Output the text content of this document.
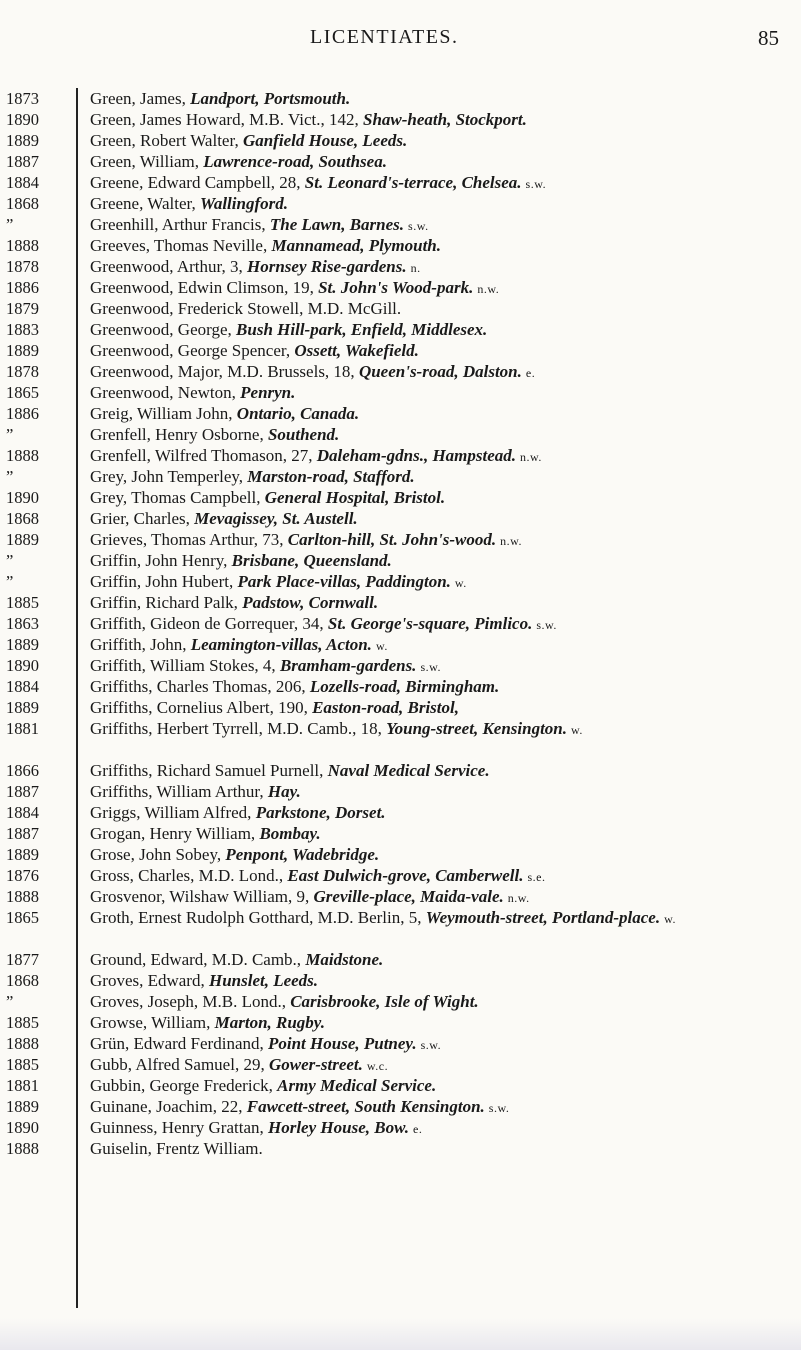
LICENTIATES.	85
1873	Green, James, Landport, Portsmouth.
1890	Green, James Howard, M.B. Vict., 142, Shaw-heath, Stockport.
1889	Green, Robert Walter, Ganfield House, Leeds.
1887	Green, William, Lawrence-road, Southsea.
1884	Greene, Edward Campbell, 28, St. Leonard's-terrace, Chelsea. s.w.
1868	Greene, Walter, Wallingford.
”	Greenhill, Arthur Francis, The Lawn, Barnes. s.w.
1888	Greeves, Thomas Neville, Mannamead, Plymouth.
1878	Greenwood, Arthur, 3, Hornsey Rise-gardens. n.
1886	Greenwood, Edwin Climson, 19, St. John's Wood-park. n.w.
1879	Greenwood, Frederick Stowell, M.D. McGill.
1883	Greenwood, George, Bush Hill-park, Enfield, Middlesex.
1889	Greenwood, George Spencer, Ossett, Wakefield.
1878	Greenwood, Major, M.D. Brussels, 18, Queen's-road, Dalston. e.
1865	Greenwood, Newton, Penryn.
1886	Greig, William John, Ontario, Canada.
”	Grenfell, Henry Osborne, Southend.
1888	Grenfell, Wilfred Thomason, 27, Daleham-gdns., Hampstead. n.w.
”	Grey, John Temperley, Marston-road, Stafford.
1890	Grey, Thomas Campbell, General Hospital, Bristol.
1868	Grier, Charles, Mevagissey, St. Austell.
1889	Grieves, Thomas Arthur, 73, Carlton-hill, St. John's-wood. n.w.
”	Griffin, John Henry, Brisbane, Queensland.
”	Griffin, John Hubert, Park Place-villas, Paddington. w.
1885	Griffin, Richard Palk, Padstow, Cornwall.
1863	Griffith, Gideon de Gorrequer, 34, St. George's-square, Pimlico. s.w.
1889	Griffith, John, Leamington-villas, Acton. w.
1890	Griffith, William Stokes, 4, Bramham-gardens. s.w.
1884	Griffiths, Charles Thomas, 206, Lozells-road, Birmingham.
1889	Griffiths, Cornelius Albert, 190, Easton-road, Bristol,
1881	Griffiths, Herbert Tyrrell, M.D. Camb., 18, Young-street, Kensington. w.
1866	Griffiths, Richard Samuel Purnell, Naval Medical Service.
1887	Griffiths, William Arthur, Hay.
1884	Griggs, William Alfred, Parkstone, Dorset.
1887	Grogan, Henry William, Bombay.
1889	Grose, John Sobey, Penpont, Wadebridge.
1876	Gross, Charles, M.D. Lond., East Dulwich-grove, Camberwell. s.e.
1888	Grosvenor, Wilshaw William, 9, Greville-place, Maida-vale. n.w.
1865	Groth, Ernest Rudolph Gotthard, M.D. Berlin, 5, Weymouth-street, Portland-place. w.
1877	Ground, Edward, M.D. Camb., Maidstone.
1868	Groves, Edward, Hunslet, Leeds.
”	Groves, Joseph, M.B. Lond., Carisbrooke, Isle of Wight.
1885	Growse, William, Marton, Rugby.
1888	Grün, Edward Ferdinand, Point House, Putney. s.w.
1885	Gubb, Alfred Samuel, 29, Gower-street. w.c.
1881	Gubbin, George Frederick, Army Medical Service.
1889	Guinane, Joachim, 22, Fawcett-street, South Kensington. s.w.
1890	Guinness, Henry Grattan, Horley House, Bow. e.
1888	Guiselin, Frentz William.
